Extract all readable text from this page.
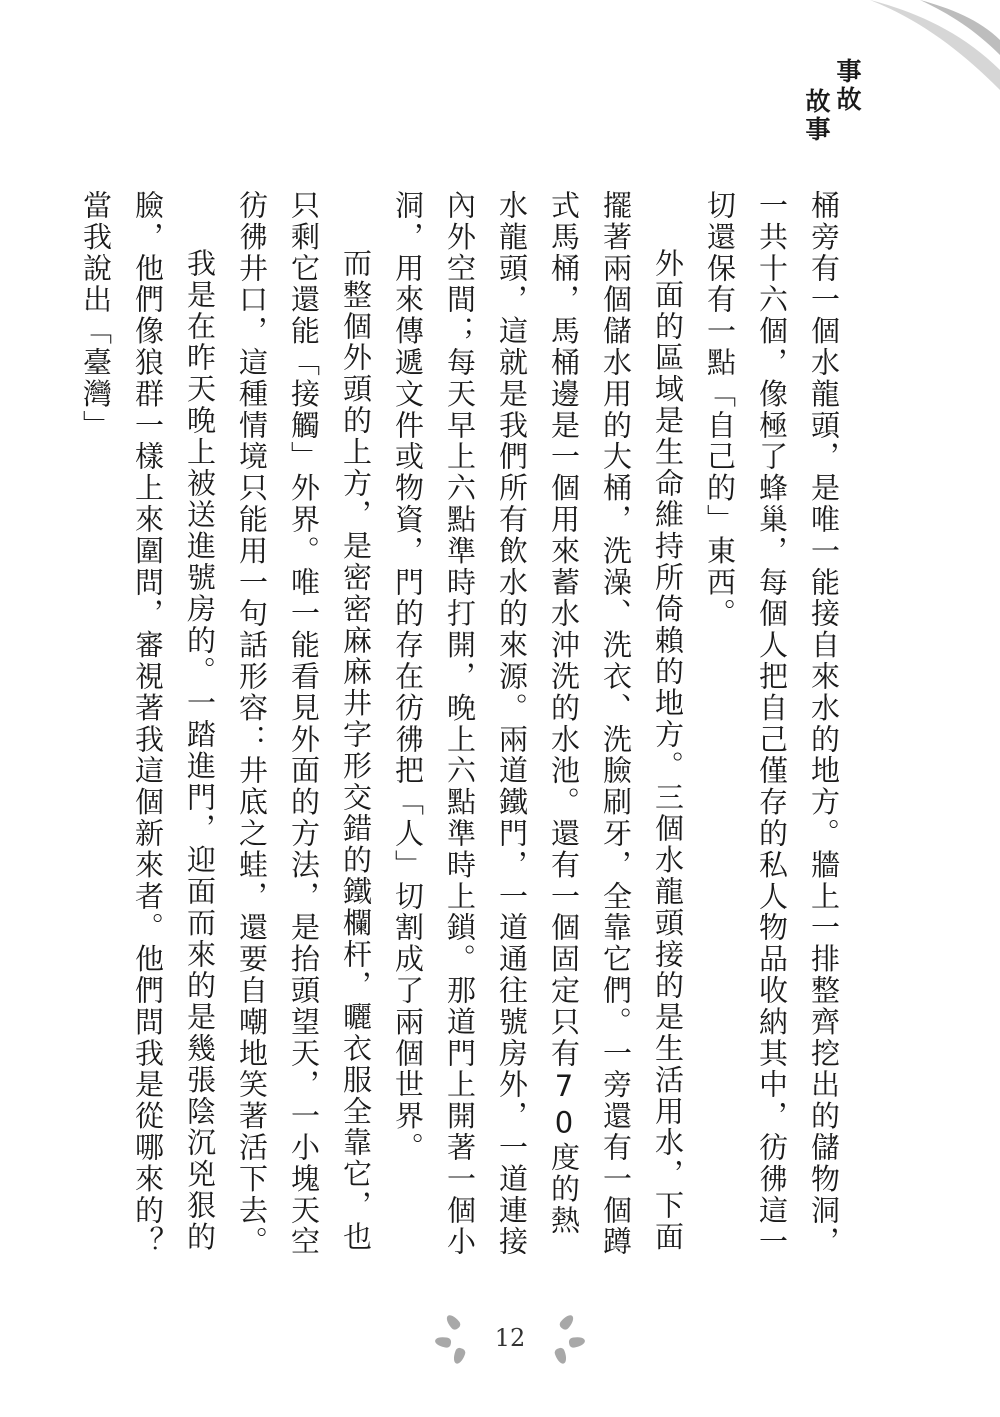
事故
故事

桶旁有一個水龍頭，是唯一能接自來水的地方。牆上一排整齊挖出的儲物洞，一共十六個，像極了蜂巢，每個人把自己僅存的私人物品收納其中，彷彿這一切還保有一點「自己的」東西。

外面的區域是生命維持所倚賴的地方。三個水龍頭接的是生活用水，下面擺著兩個儲水用的大桶，洗澡、洗衣、洗臉刷牙，全靠它們。一旁還有一個蹲式馬桶，馬桶邊是一個用來蓄水沖洗的水池。還有一個固定只有70度的熱水龍頭，這就是我們所有飲水的來源。兩道鐵門，一道通往號房外，一道連接內外空間；每天早上六點準時打開，晚上六點準時上鎖。那道門上開著一個小洞，用來傳遞文件或物資，門的存在彷彿把「人」切割成了兩個世界。

而整個外頭的上方，是密密麻麻井字形交錯的鐵欄杆，曬衣服全靠它，也只剩它還能「接觸」外界。唯一能看見外面的方法，是抬頭望天，一小塊天空彷彿井口，這種情境只能用一句話形容：井底之蛙，還要自嘲地笑著活下去。

我是在昨天晚上被送進號房的。一踏進門，迎面而來的是幾張陰沉兇狠的臉，他們像狼群一樣上來圍問，審視著我這個新來者。他們問我是從哪來的？當我說出「臺灣」

12
